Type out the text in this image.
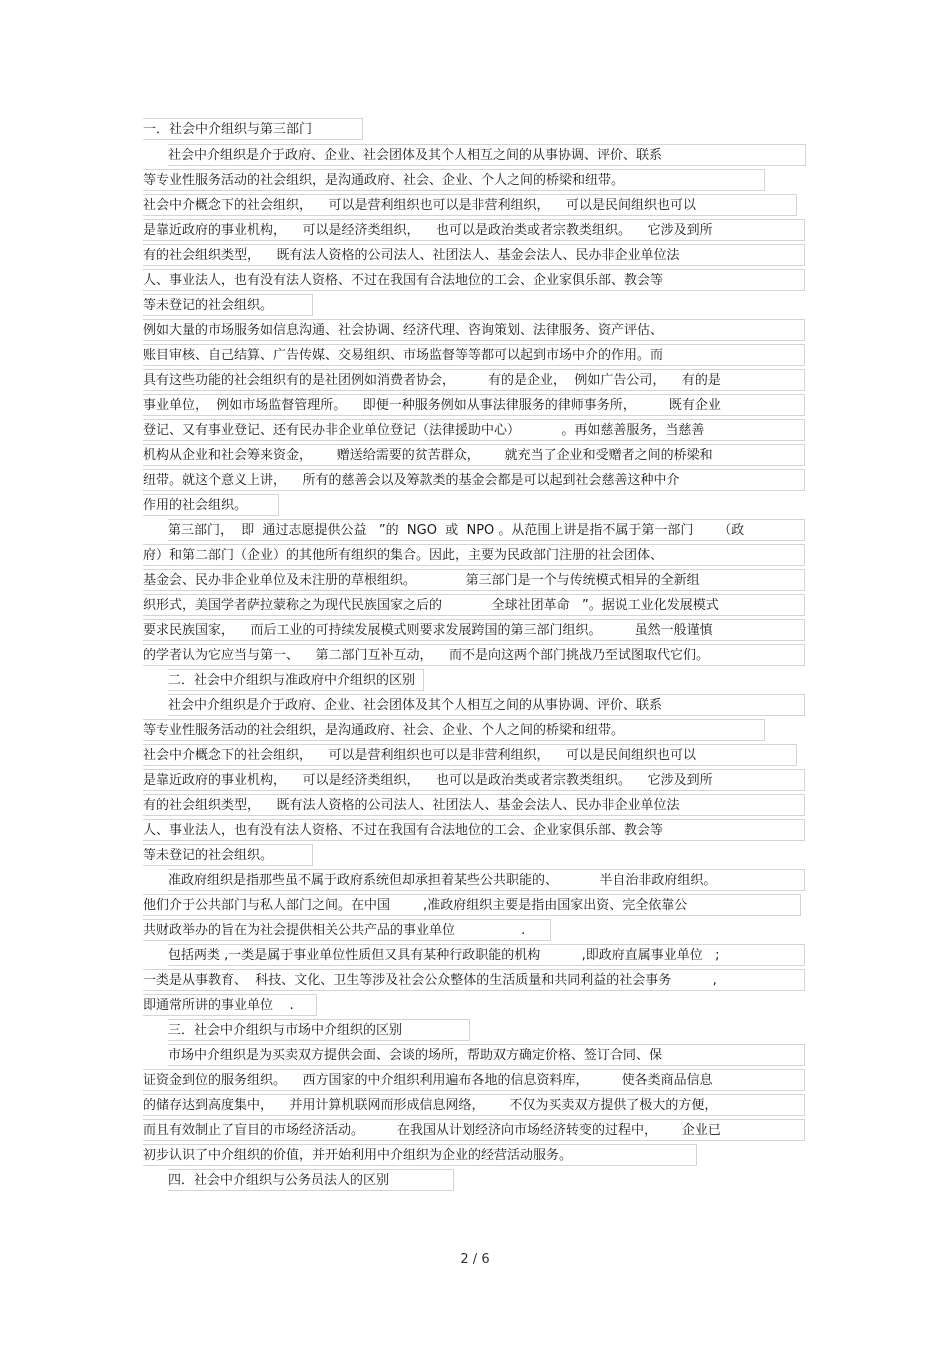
一．社会中介组织与第三部门
社会中介组织是介于政府、企业、社会团体及其个人相互之间的从事协调、评价、联系
等专业性服务活动的社会组织，是沟通政府、社会、企业、个人之间的桥梁和纽带。
社会中介概念下的社会组织，    可以是营利组织也可以是非营利组织，    可以是民间组织也可以
是靠近政府的事业机构，    可以是经济类组织，    也可以是政治类或者宗教类组织。    它涉及到所
有的社会组织类型，    既有法人资格的公司法人、社团法人、基金会法人、民办非企业单位法
人、事业法人，也有没有法人资格、不过在我国有合法地位的工会、企业家俱乐部、教会等
等未登记的社会组织。
例如大量的市场服务如信息沟通、社会协调、经济代理、咨询策划、法律服务、资产评估、
账目审核、自己结算、广告传媒、交易组织、市场监督等等都可以起到市场中介的作用。而
具有这些功能的社会组织有的是社团例如消费者协会，        有的是企业，  例如广告公司，    有的是
事业单位，  例如市场监督管理所。    即便一种服务例如从事法律服务的律师事务所，        既有企业
登记、又有事业登记、还有民办非企业单位登记（法律援助中心）          。再如慈善服务，当慈善
机构从企业和社会筹来资金，      赠送给需要的贫苦群众，      就充当了企业和受赠者之间的桥梁和
纽带。就这个意义上讲，    所有的慈善会以及筹款类的基金会都是可以起到社会慈善这种中介
作用的社会组织。
第三部门，  即  通过志愿提供公益   ”的  NGO  或  NPO 。从范围上讲是指不属于第一部门      （政
府）和第二部门（企业）的其他所有组织的集合。因此，主要为民政部门注册的社会团体、
基金会、民办非企业单位及未注册的草根组织。            第三部门是一个与传统模式相异的全新组
织形式，美国学者萨拉蒙称之为现代民族国家之后的            全球社团革命   ”。据说工业化发展模式
要求民族国家，    而后工业的可持续发展模式则要求发展跨国的第三部门组织。        虽然一般谨慎
的学者认为它应当与第一、    第二部门互补互动，    而不是向这两个部门挑战乃至试图取代它们。
二．社会中介组织与准政府中介组织的区别
社会中介组织是介于政府、企业、社会团体及其个人相互之间的从事协调、评价、联系
等专业性服务活动的社会组织，是沟通政府、社会、企业、个人之间的桥梁和纽带。
社会中介概念下的社会组织，    可以是营利组织也可以是非营利组织，    可以是民间组织也可以
是靠近政府的事业机构，    可以是经济类组织，    也可以是政治类或者宗教类组织。    它涉及到所
有的社会组织类型，    既有法人资格的公司法人、社团法人、基金会法人、民办非企业单位法
人、事业法人，也有没有法人资格、不过在我国有合法地位的工会、企业家俱乐部、教会等
等未登记的社会组织。
准政府组织是指那些虽不属于政府系统但却承担着某些公共职能的、          半自治非政府组织。
他们介于公共部门与私人部门之间。在中国        ,准政府组织主要是指由国家出资、完全依靠公
共财政举办的旨在为社会提供相关公共产品的事业单位                .
包括两类 ,一类是属于事业单位性质但又具有某种行政职能的机构          ,即政府直属事业单位   ;
一类是从事教育、  科技、文化、卫生等涉及社会公众整体的生活质量和共同利益的社会事务          ,
即通常所讲的事业单位    .
三．社会中介组织与市场中介组织的区别
市场中介组织是为买卖双方提供会面、会谈的场所，帮助双方确定价格、签订合同、保
证资金到位的服务组织。    西方国家的中介组织利用遍布各地的信息资料库，        使各类商品信息
的储存达到高度集中，    并用计算机联网而形成信息网络，      不仅为买卖双方提供了极大的方便，
而且有效制止了盲目的市场经济活动。        在我国从计划经济向市场经济转变的过程中，      企业已
初步认识了中介组织的价值，并开始利用中介组织为企业的经营活动服务。
四．社会中介组织与公务员法人的区别
2 / 6
